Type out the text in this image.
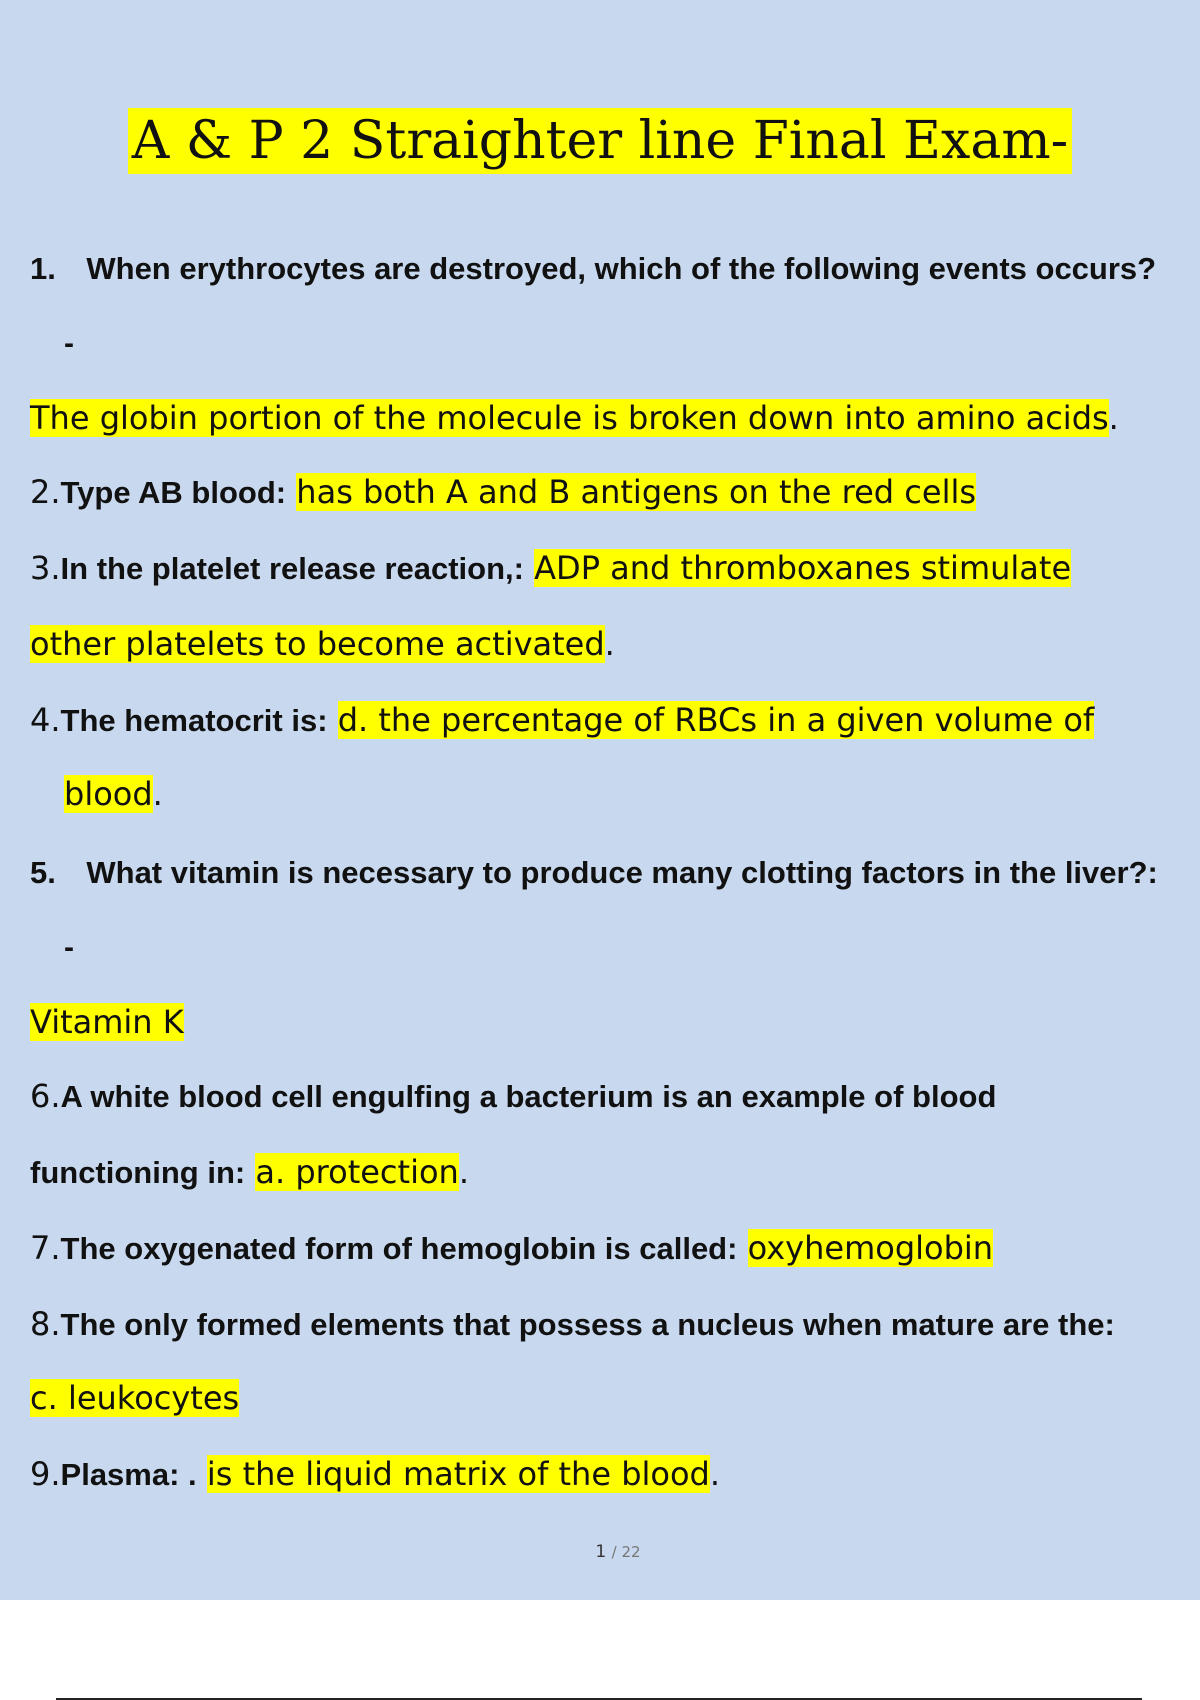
A & P 2 Straighter line Final Exam-
1. When erythrocytes are destroyed, which of the following events occurs?
-
The globin portion of the molecule is broken down into amino acids.
2.Type AB blood: has both A and B antigens on the red cells
3.In the platelet release reaction,: ADP and thromboxanes stimulate
other platelets to become activated.
4.The hematocrit is: d. the percentage of RBCs in a given volume of
blood.
5. What vitamin is necessary to produce many clotting factors in the liver?:
-
Vitamin K
6.A white blood cell engulfing a bacterium is an example of blood
functioning in: a. protection.
7.The oxygenated form of hemoglobin is called: oxyhemoglobin
8.The only formed elements that possess a nucleus when mature are the:
c. leukocytes
9.Plasma: . is the liquid matrix of the blood.
1 / 22
